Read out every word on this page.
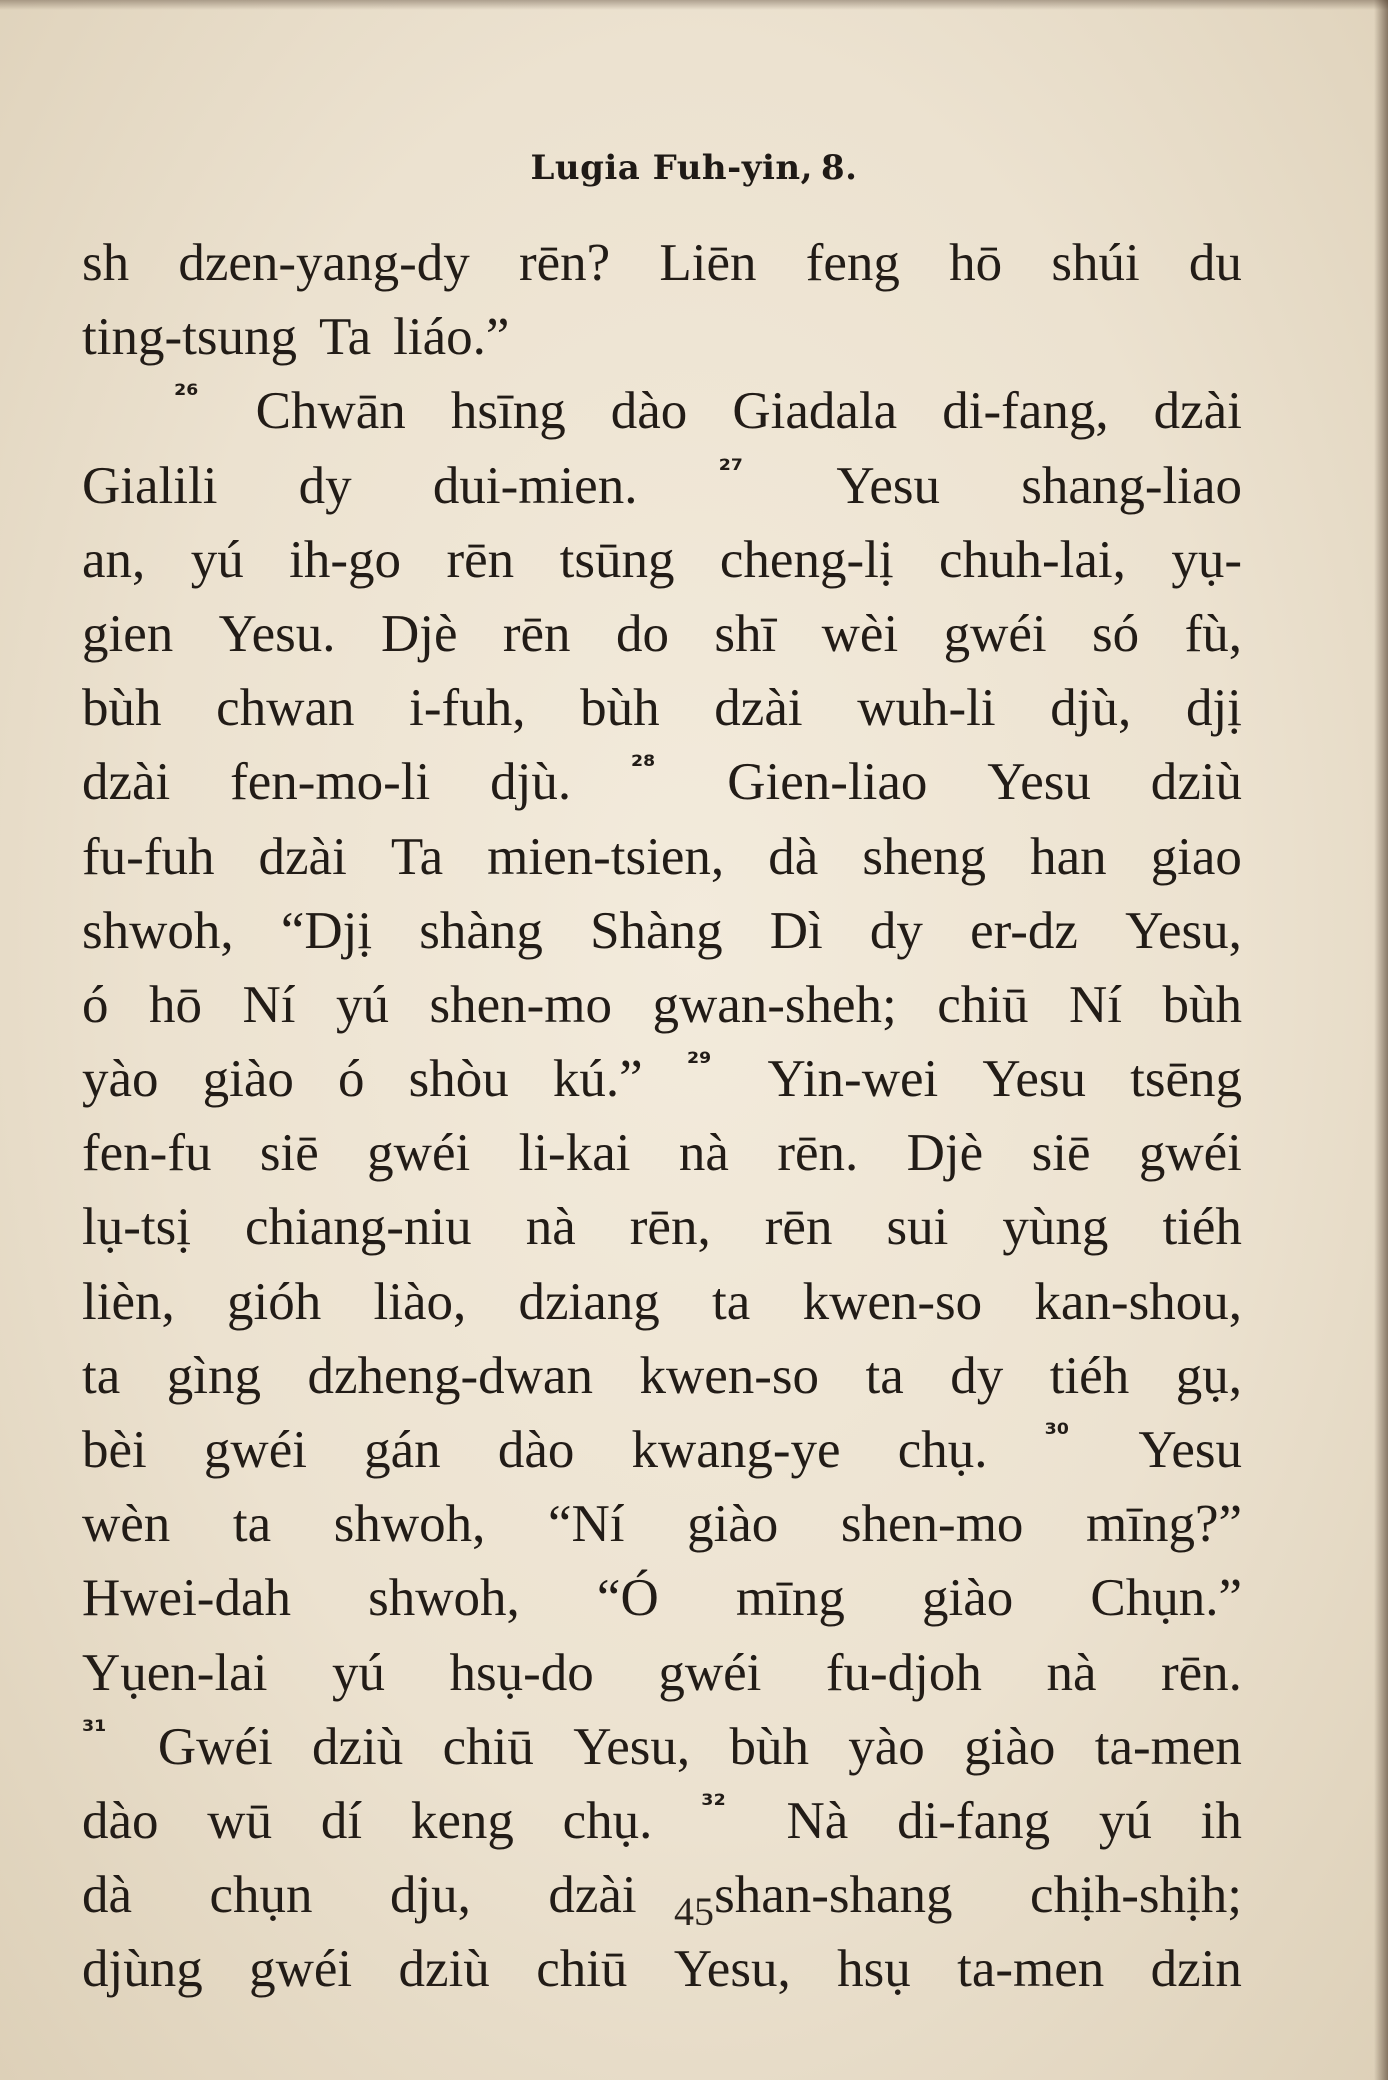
Lugia Fuh-yin, 8.
sh dzen-yang-dy rēn? Liēn feng hō shúi du
ting-tsung Ta liáo.”
²⁶ Chwān hsīng dào Giadala di-fang, dzài
Gialili dy dui-mien.	²⁷ Yesu shang-liao
an, yú ih-go rēn tsūng cheng-lị chuh-lai, yụ-
gien Yesu. Djè rēn do shī wèi gwéi só fù,
bùh chwan i-fuh, bùh dzài wuh-li djù, djị
dzài fen-mo-li djù. ²⁸ Gien-liao Yesu dziù
fu-fuh dzài Ta mien-tsien, dà sheng han giao
shwoh, “Djị shàng Shàng Dì dy er-dz Yesu,
ó hō Ní yú shen-mo gwan-sheh; chiū Ní bùh
yào giào ó shòu kú.” ²⁹ Yin-wei Yesu tsēng
fen-fu siē gwéi li-kai nà rēn. Djè siē gwéi
lụ-tsị chiang-niu nà rēn, rēn sui yùng tiéh
lièn, gióh liào, dziang ta kwen-so kan-shou,
ta gìng dzheng-dwan kwen-so ta dy tiéh gụ,
bèi gwéi gán dào kwang-ye chụ. ³⁰ Yesu
wèn ta shwoh, “Ní giào shen-mo mīng?”
Hwei-dah shwoh, “Ó mīng giào Chụn.”
Yụen-lai yú hsụ-do gwéi fu-djoh nà rēn.
³¹ Gwéi dziù chiū Yesu, bùh yào giào ta-men
dào wū dí keng chụ. ³² Nà di-fang yú ih
dà chụn dju, dzài shan-shang chịh-shịh;
djùng gwéi dziù chiū Yesu, hsụ ta-men dzin
45
